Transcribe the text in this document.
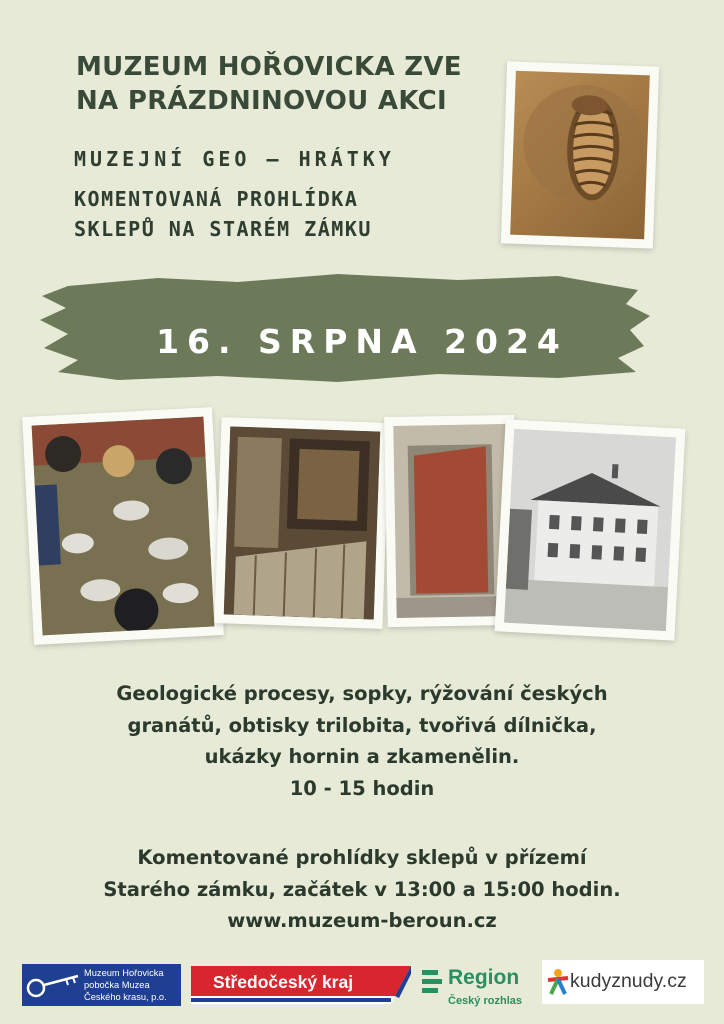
MUZEUM HOŘOVICKA ZVE
NA PRÁZDNINOVOU AKCI
MUZEJNÍ GEO – HRÁTKY
KOMENTOVANÁ PROHLÍDKA
SKLEPŮ NA STARÉM ZÁMKU
16. SRPNA 2024
Geologické procesy, sopky, rýžování českých
granátů, obtisky trilobita, tvořivá dílnička,
ukázky hornin a zkamenělin.
10 - 15 hodin
Komentované prohlídky sklepů v přízemí
Starého zámku, začátek v 13:00 a 15:00 hodin.
www.muzeum-beroun.cz
Muzeum Hořovicka
pobočka Muzea
Českého krasu, p.o.
Středočeský kraj	Region
Český rozhlas
kudyznudy.cz
